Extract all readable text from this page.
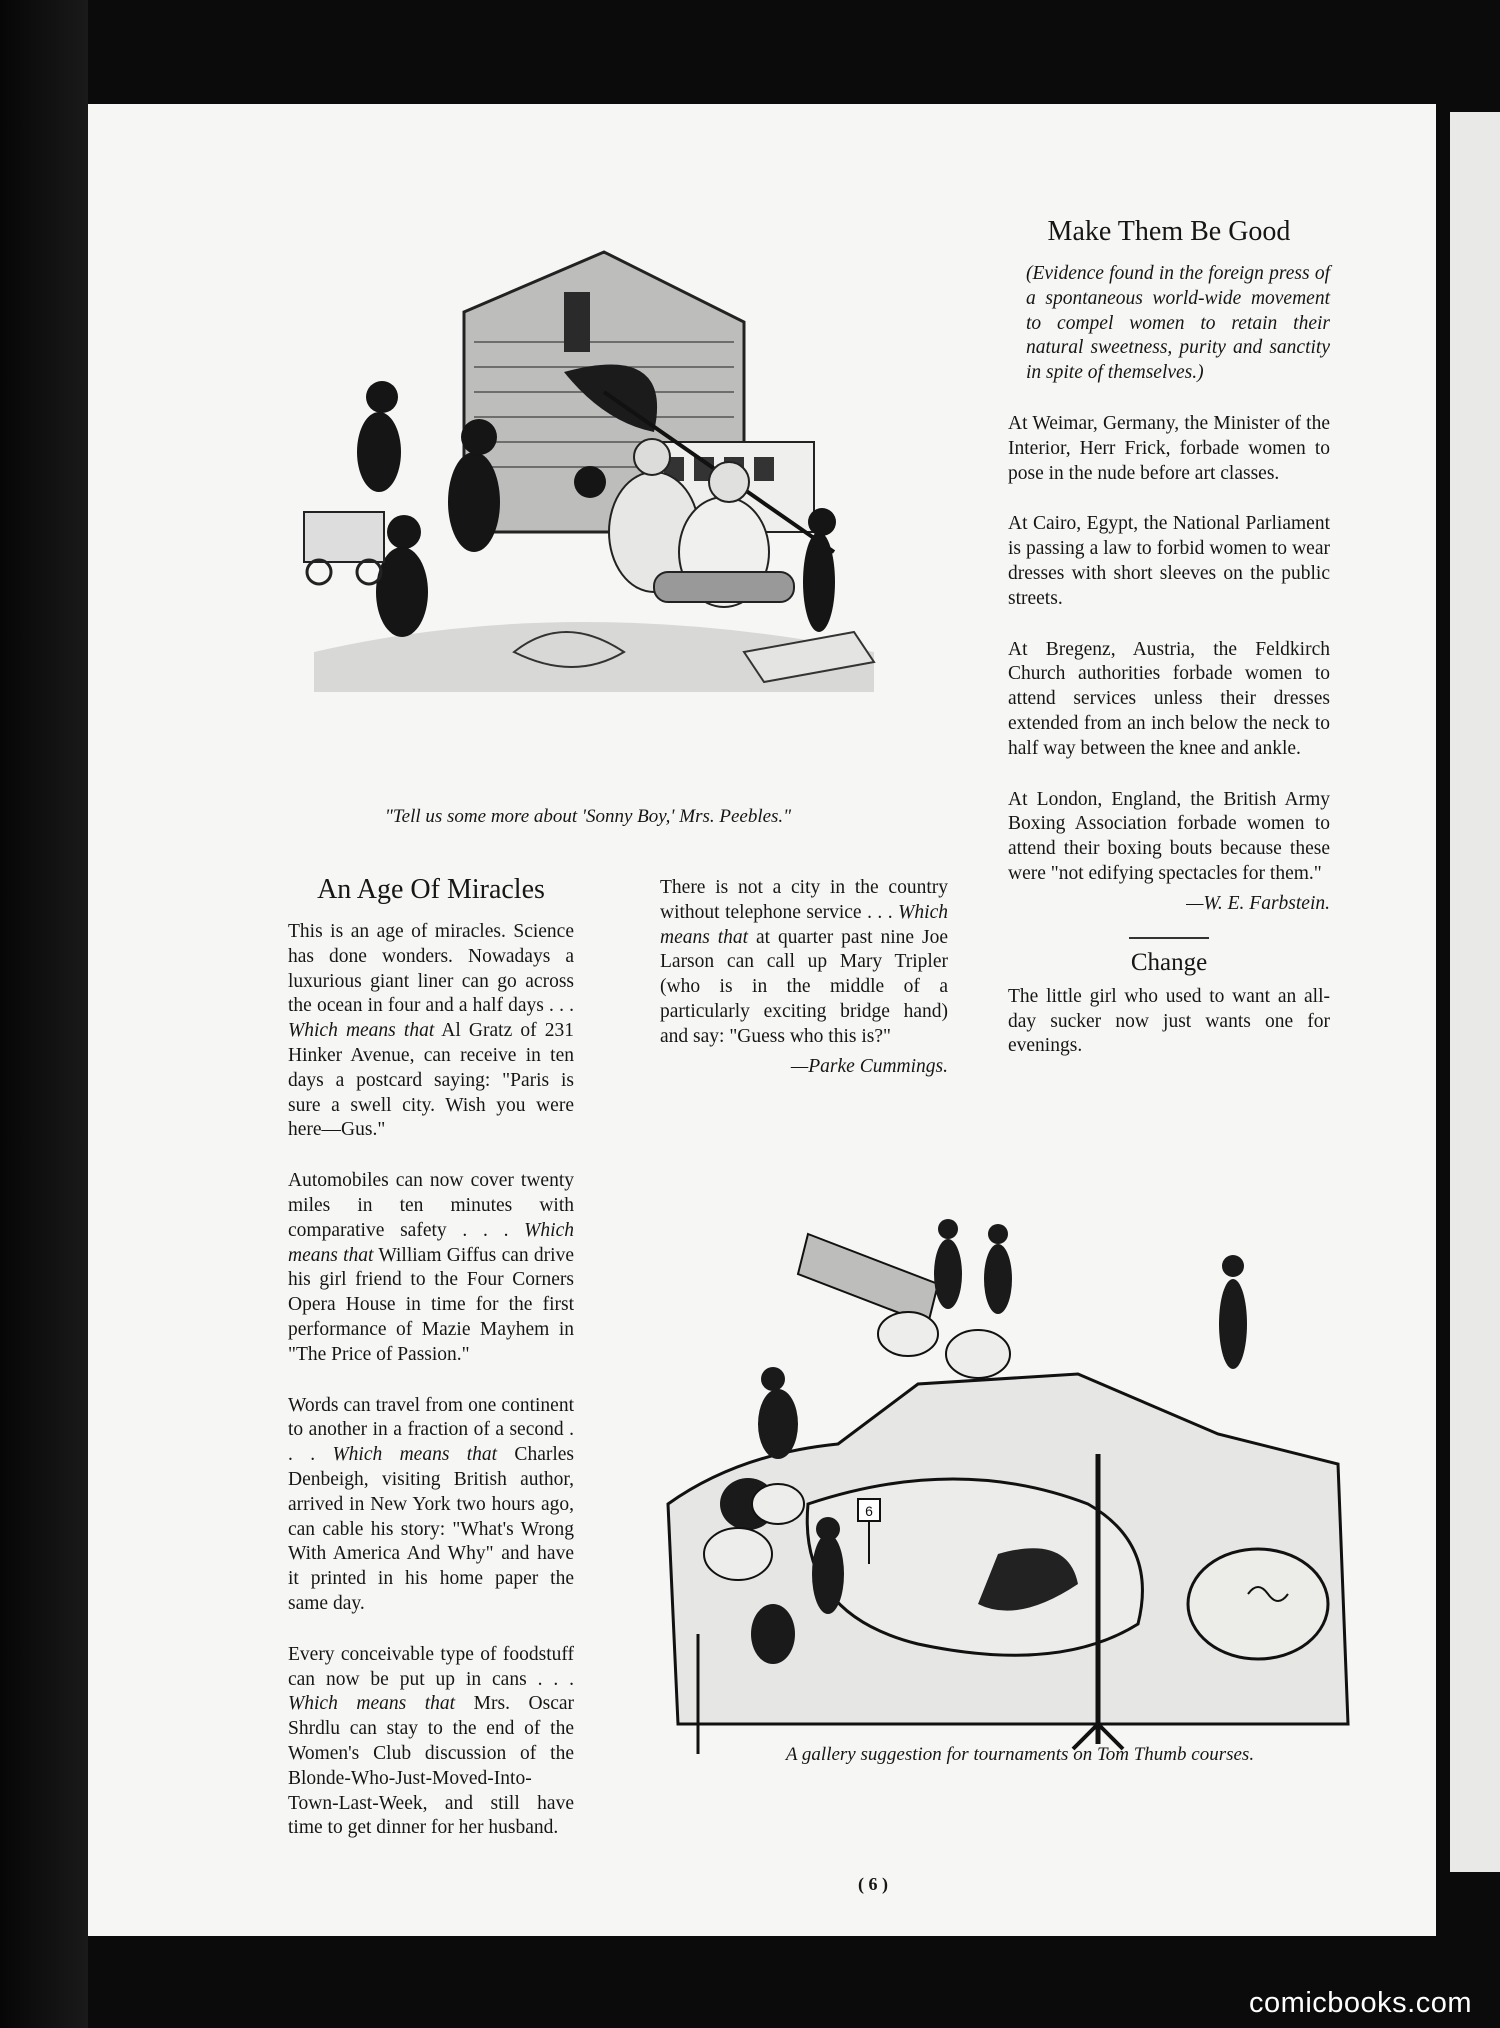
"Tell us some more about 'Sonny Boy,' Mrs. Peebles."
Make Them Be Good

(Evidence found in the foreign press of a spontaneous world-wide movement to compel women to retain their natural sweetness, purity and sanctity in spite of themselves.)

At Weimar, Germany, the Minister of the Interior, Herr Frick, forbade women to pose in the nude before art classes.

At Cairo, Egypt, the National Parliament is passing a law to forbid women to wear dresses with short sleeves on the public streets.

At Bregenz, Austria, the Feldkirch Church authorities forbade women to attend services unless their dresses extended from an inch below the neck to half way between the knee and ankle.

At London, England, the British Army Boxing Association forbade women to attend their boxing bouts because these were "not edifying spectacles for them."

—W. E. Farbstein.
Change

The little girl who used to want an all-day sucker now just wants one for evenings.

An Age Of Miracles

This is an age of miracles. Science has done wonders. Nowadays a luxurious giant liner can go across the ocean in four and a half days . . . Which means that Al Gratz of 231 Hinker Avenue, can receive in ten days a postcard saying: "Paris is sure a swell city. Wish you were here—Gus."

Automobiles can now cover twenty miles in ten minutes with comparative safety . . . Which means that William Giffus can drive his girl friend to the Four Corners Opera House in time for the first performance of Mazie Mayhem in "The Price of Passion."

Words can travel from one continent to another in a fraction of a second . . . Which means that Charles Denbeigh, visiting British author, arrived in New York two hours ago, can cable his story: "What's Wrong With America And Why" and have it printed in his home paper the same day.

Every conceivable type of foodstuff can now be put up in cans . . . Which means that Mrs. Oscar Shrdlu can stay to the end of the Women's Club discussion of the Blonde-Who-Just-Moved-Into-Town-Last-Week, and still have time to get dinner for her husband.

There is not a city in the country without telephone service . . . Which means that at quarter past nine Joe Larson can call up Mary Tripler (who is in the middle of a particularly exciting bridge hand) and say: "Guess who this is?"

—Parke Cummings.
6
A gallery suggestion for tournaments on Tom Thumb courses.
( 6 )
comicbooks.com
